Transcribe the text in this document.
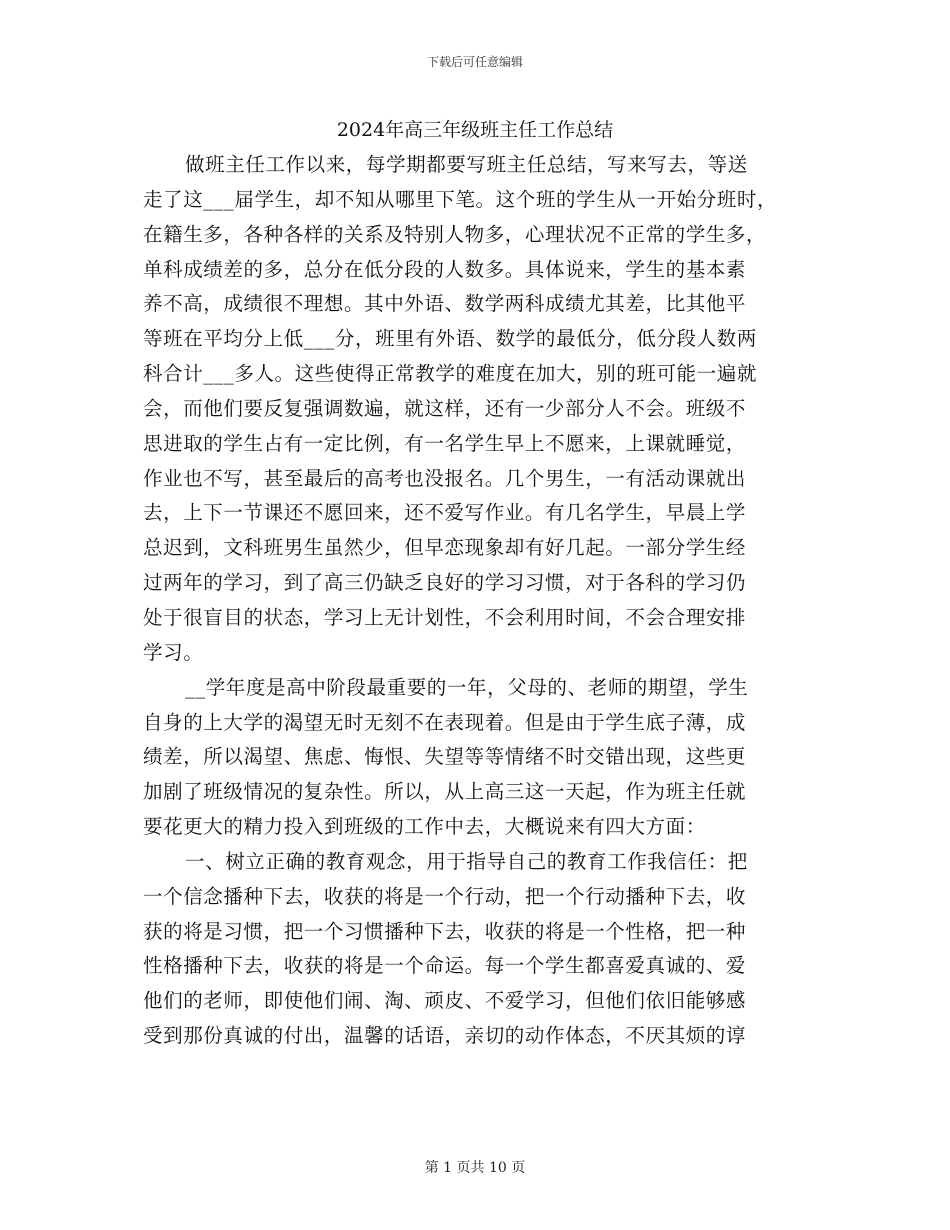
下载后可任意编辑
2024年高三年级班主任工作总结
做班主任工作以来，每学期都要写班主任总结，写来写去，等送
走了这___届学生，却不知从哪里下笔。这个班的学生从一开始分班时，
在籍生多，各种各样的关系及特别人物多，心理状况不正常的学生多，
单科成绩差的多，总分在低分段的人数多。具体说来，学生的基本素
养不高，成绩很不理想。其中外语、数学两科成绩尤其差，比其他平
等班在平均分上低___分，班里有外语、数学的最低分，低分段人数两
科合计___多人。这些使得正常教学的难度在加大，别的班可能一遍就
会，而他们要反复强调数遍，就这样，还有一少部分人不会。班级不
思进取的学生占有一定比例，有一名学生早上不愿来，上课就睡觉，
作业也不写，甚至最后的高考也没报名。几个男生，一有活动课就出
去，上下一节课还不愿回来，还不爱写作业。有几名学生，早晨上学
总迟到，文科班男生虽然少，但早恋现象却有好几起。一部分学生经
过两年的学习，到了高三仍缺乏良好的学习习惯，对于各科的学习仍
处于很盲目的状态，学习上无计划性，不会利用时间，不会合理安排
学习。
__学年度是高中阶段最重要的一年，父母的、老师的期望，学生
自身的上大学的渴望无时无刻不在表现着。但是由于学生底子薄，成
绩差，所以渴望、焦虑、悔恨、失望等等情绪不时交错出现，这些更
加剧了班级情况的复杂性。所以，从上高三这一天起，作为班主任就
要花更大的精力投入到班级的工作中去，大概说来有四大方面：
一、树立正确的教育观念，用于指导自己的教育工作我信任：把
一个信念播种下去，收获的将是一个行动，把一个行动播种下去，收
获的将是习惯，把一个习惯播种下去，收获的将是一个性格，把一种
性格播种下去，收获的将是一个命运。每一个学生都喜爱真诚的、爱
他们的老师，即使他们闹、淘、顽皮、不爱学习，但他们依旧能够感
受到那份真诚的付出，温馨的话语，亲切的动作体态，不厌其烦的谆
第 1 页共 10 页
